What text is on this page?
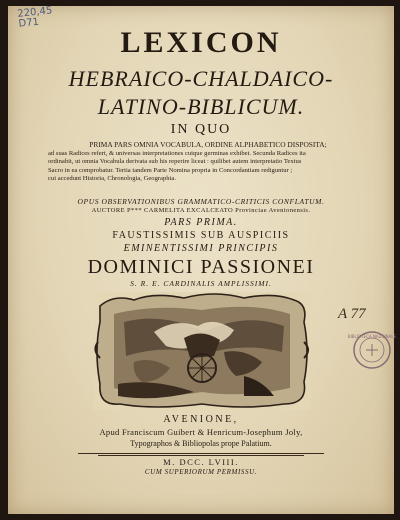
220,45
D71
LEXICON
HEBRAICO-CHALDAICO-
LATINO-BIBLICUM.
IN QUO
PRIMA PARS OMNIA VOCABULA, ORDINE ALPHABETICO DISPOSITA;
ad suas Radices refert, & universas interpretationes cuique germinas exhibet. Secunda Radices ita
ordinabit, ut omnia Vocabula derivata sub his reperire liceat : quilibet autem interpretatio Textus
Sacro in ea comprobatur. Tertia tandem Parte Nomina propria in Concordantiam rediguntur ;
cui accedunt Historia, Chronologia, Geographia.
OPUS OBSERVATIONIBUS GRAMMATICO-CRITICIS CONFLATUM.
AUCTORE P*** CARMELITA EXCALCEATO Provinciae Avenionensis.
PARS PRIMA.
FAUSTISSIMIS SUB AUSPICIIS
EMINENTISSIMI PRINCIPIS
DOMINICI PASSIONEI
S. R. E. CARDINALIS AMPLISSIMI.
A 77
BIBLIOTECA NAZIONALE
AVENIONE,
Apud Franciscum Guibert & Henricum-Josephum Joly,
Typographos & Bibliopolas prope Palatium.
M. DCC. LVIII.
CUM SUPERIORUM PERMISSU.
